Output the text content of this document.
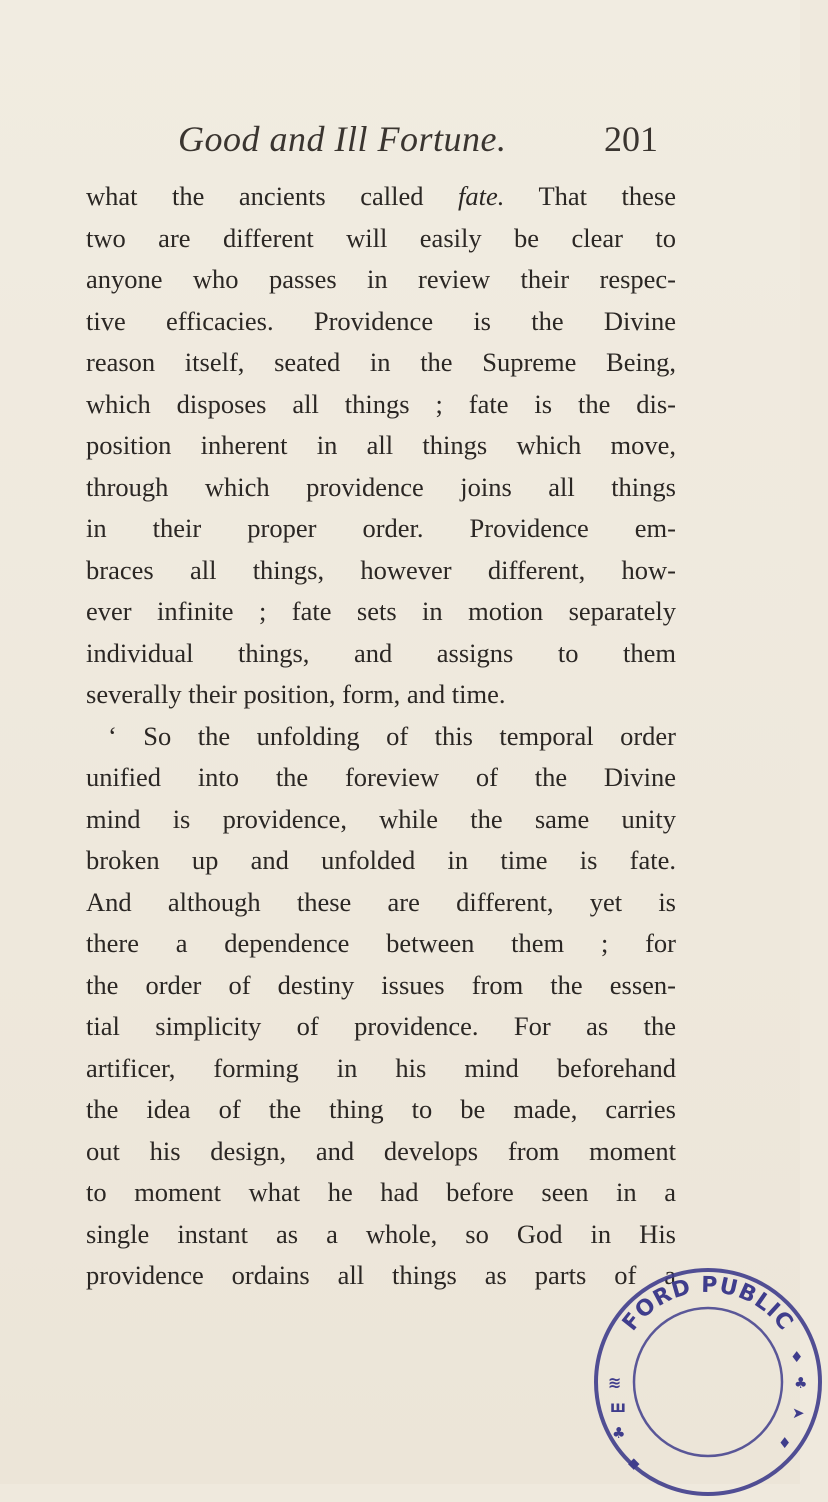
Good and Ill Fortune.	201
what the ancients called fate. That these
two are different will easily be clear to
anyone who passes in review their respec-
tive efficacies. Providence is the Divine
reason itself, seated in the Supreme Being,
which disposes all things ; fate is the dis-
position inherent in all things which move,
through which providence joins all things
in their proper order. Providence em-
braces all things, however different, how-
ever infinite ; fate sets in motion separately
individual things, and assigns to them
severally their position, form, and time.
‘ So the unfolding of this temporal order
unified into the foreview of the Divine
mind is providence, while the same unity
broken up and unfolded in time is fate.
And although these are different, yet is
there a dependence between them ; for
the order of destiny issues from the essen-
tial simplicity of providence. For as the
artificer, forming in his mind beforehand
the idea of the thing to be made, carries
out his design, and develops from moment
to moment what he had before seen in a
single instant as a whole, so God in His
providence ordains all things as parts of a
FORD PUBLIC
≋
ш
♣
◆
♦
♣
➤
♦
